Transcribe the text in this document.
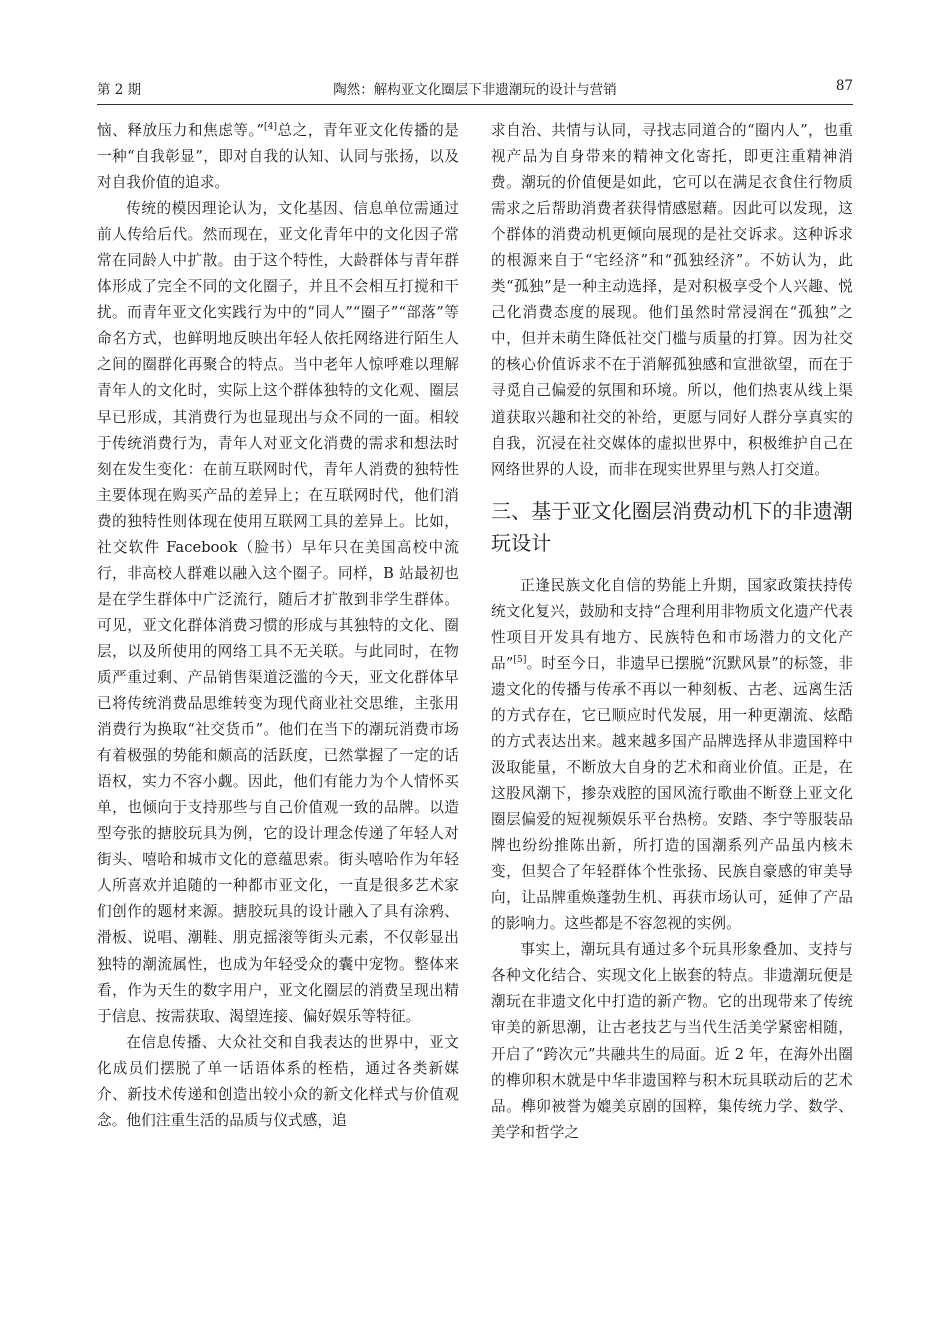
第 2 期	陶然：解构亚文化圈层下非遗潮玩的设计与营销	87

恼、释放压力和焦虑等。”[4]总之，青年亚文化传播的是一种“自我彰显”，即对自我的认知、认同与张扬，以及对自我价值的追求。

传统的模因理论认为，文化基因、信息单位需通过前人传给后代。然而现在，亚文化青年中的文化因子常常在同龄人中扩散。由于这个特性，大龄群体与青年群体形成了完全不同的文化圈子，并且不会相互打搅和干扰。而青年亚文化实践行为中的“同人”“圈子”“部落”等命名方式，也鲜明地反映出年轻人依托网络进行陌生人之间的圈群化再聚合的特点。当中老年人惊呼难以理解青年人的文化时，实际上这个群体独特的文化观、圈层早已形成，其消费行为也显现出与众不同的一面。相较于传统消费行为，青年人对亚文化消费的需求和想法时刻在发生变化：在前互联网时代，青年人消费的独特性主要体现在购买产品的差异上；在互联网时代，他们消费的独特性则体现在使用互联网工具的差异上。比如，社交软件 Facebook（脸书）早年只在美国高校中流行，非高校人群难以融入这个圈子。同样，B 站最初也是在学生群体中广泛流行，随后才扩散到非学生群体。可见，亚文化群体消费习惯的形成与其独特的文化、圈层，以及所使用的网络工具不无关联。与此同时，在物质严重过剩、产品销售渠道泛滥的今天，亚文化群体早已将传统消费品思维转变为现代商业社交思维，主张用消费行为换取“社交货币”。他们在当下的潮玩消费市场有着极强的势能和颇高的活跃度，已然掌握了一定的话语权，实力不容小觑。因此，他们有能力为个人情怀买单，也倾向于支持那些与自己价值观一致的品牌。以造型夸张的搪胶玩具为例，它的设计理念传递了年轻人对街头、嘻哈和城市文化的意蕴思索。街头嘻哈作为年轻人所喜欢并追随的一种都市亚文化，一直是很多艺术家们创作的题材来源。搪胶玩具的设计融入了具有涂鸦、滑板、说唱、潮鞋、朋克摇滚等街头元素，不仅彰显出独特的潮流属性，也成为年轻受众的囊中宠物。整体来看，作为天生的数字用户，亚文化圈层的消费呈现出精于信息、按需获取、渴望连接、偏好娱乐等特征。

在信息传播、大众社交和自我表达的世界中，亚文化成员们摆脱了单一话语体系的桎梏，通过各类新媒介、新技术传递和创造出较小众的新文化样式与价值观念。他们注重生活的品质与仪式感，追

求自治、共情与认同，寻找志同道合的“圈内人”，也重视产品为自身带来的精神文化寄托，即更注重精神消费。潮玩的价值便是如此，它可以在满足衣食住行物质需求之后帮助消费者获得情感慰藉。因此可以发现，这个群体的消费动机更倾向展现的是社交诉求。这种诉求的根源来自于“宅经济”和“孤独经济”。不妨认为，此类“孤独”是一种主动选择，是对积极享受个人兴趣、悦己化消费态度的展现。他们虽然时常浸润在“孤独”之中，但并未萌生降低社交门槛与质量的打算。因为社交的核心价值诉求不在于消解孤独感和宣泄欲望，而在于寻觅自己偏爱的氛围和环境。所以，他们热衷从线上渠道获取兴趣和社交的补给，更愿与同好人群分享真实的自我，沉浸在社交媒体的虚拟世界中，积极维护自己在网络世界的人设，而非在现实世界里与熟人打交道。

三、基于亚文化圈层消费动机下的非遗潮玩设计

正逢民族文化自信的势能上升期，国家政策扶持传统文化复兴，鼓励和支持“合理利用非物质文化遗产代表性项目开发具有地方、民族特色和市场潜力的文化产品”[5]。时至今日，非遗早已摆脱“沉默风景”的标签，非遗文化的传播与传承不再以一种刻板、古老、远离生活的方式存在，它已顺应时代发展，用一种更潮流、炫酷的方式表达出来。越来越多国产品牌选择从非遗国粹中汲取能量，不断放大自身的艺术和商业价值。正是，在这股风潮下，掺杂戏腔的国风流行歌曲不断登上亚文化圈层偏爱的短视频娱乐平台热榜。安踏、李宁等服装品牌也纷纷推陈出新，所打造的国潮系列产品虽内核未变，但契合了年轻群体个性张扬、民族自豪感的审美导向，让品牌重焕蓬勃生机、再获市场认可，延伸了产品的影响力。这些都是不容忽视的实例。

事实上，潮玩具有通过多个玩具形象叠加、支持与各种文化结合、实现文化上嵌套的特点。非遗潮玩便是潮玩在非遗文化中打造的新产物。它的出现带来了传统审美的新思潮，让古老技艺与当代生活美学紧密相随，开启了“跨次元”共融共生的局面。近 2 年，在海外出圈的榫卯积木就是中华非遗国粹与积木玩具联动后的艺术品。榫卯被誉为媲美京剧的国粹，集传统力学、数学、美学和哲学之
